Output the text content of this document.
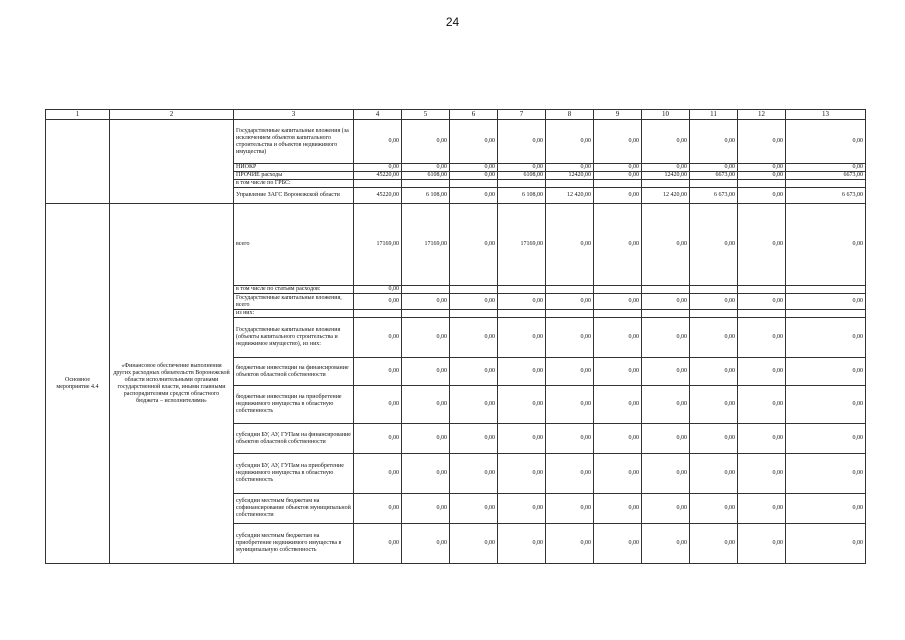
24
1	2	3	4	5	6	7	8	9	10	11	12	13
		Государственные капитальные вложения (за исключением объектов капитального строительства и объектов недвижимого имущества)	0,00	0,00	0,00	0,00	0,00	0,00	0,00	0,00	0,00	0,00
		НИОКР	0,00	0,00	0,00	0,00	0,00	0,00	0,00	0,00	0,00	0,00
		ПРОЧИЕ расходы	45220,00	6108,00	0,00	6108,00	12420,00	0,00	12420,00	6673,00	0,00	6673,00
		в том числе по ГРБС:										
		Управление ЗАГС Воронежской области	45220,00	6 108,00	0,00	6 108,00	12 420,00	0,00	12 420,00	6 673,00	0,00	6 673,00
Основное
мероприятие 4.4	«Финансовое обеспечение выполнения других расходных обязательств Воронежской области исполнительными органами государственной власти, иными главными распорядителями средств областного бюджета – исполнителями»	всего	17169,00	17169,00	0,00	17169,00	0,00	0,00	0,00	0,00	0,00	0,00
		в том числе по статьям расходов:	0,00									
		Государственные капитальные вложения, всего	0,00	0,00	0,00	0,00	0,00	0,00	0,00	0,00	0,00	0,00
		из них:										
		Государственные капитальные вложения (объекты капитального строительства и недвижимое имущество), из них:	0,00	0,00	0,00	0,00	0,00	0,00	0,00	0,00	0,00	0,00
		бюджетные инвестиции на финансирование объектов областной собственности	0,00	0,00	0,00	0,00	0,00	0,00	0,00	0,00	0,00	0,00
		бюджетные инвестиции на приобретение недвижимого имущества в областную собственность	0,00	0,00	0,00	0,00	0,00	0,00	0,00	0,00	0,00	0,00
		субсидии БУ, АУ, ГУПам на финансирование объектов областной собственности	0,00	0,00	0,00	0,00	0,00	0,00	0,00	0,00	0,00	0,00
		субсидии БУ, АУ, ГУПам на приобретение недвижимого имущества в областную собственность	0,00	0,00	0,00	0,00	0,00	0,00	0,00	0,00	0,00	0,00
		субсидии местным бюджетам на софинансирование объектов муниципальной собственности	0,00	0,00	0,00	0,00	0,00	0,00	0,00	0,00	0,00	0,00
		субсидии местным бюджетам на приобретение недвижимого имущества в муниципальную собственность	0,00	0,00	0,00	0,00	0,00	0,00	0,00	0,00	0,00	0,00
